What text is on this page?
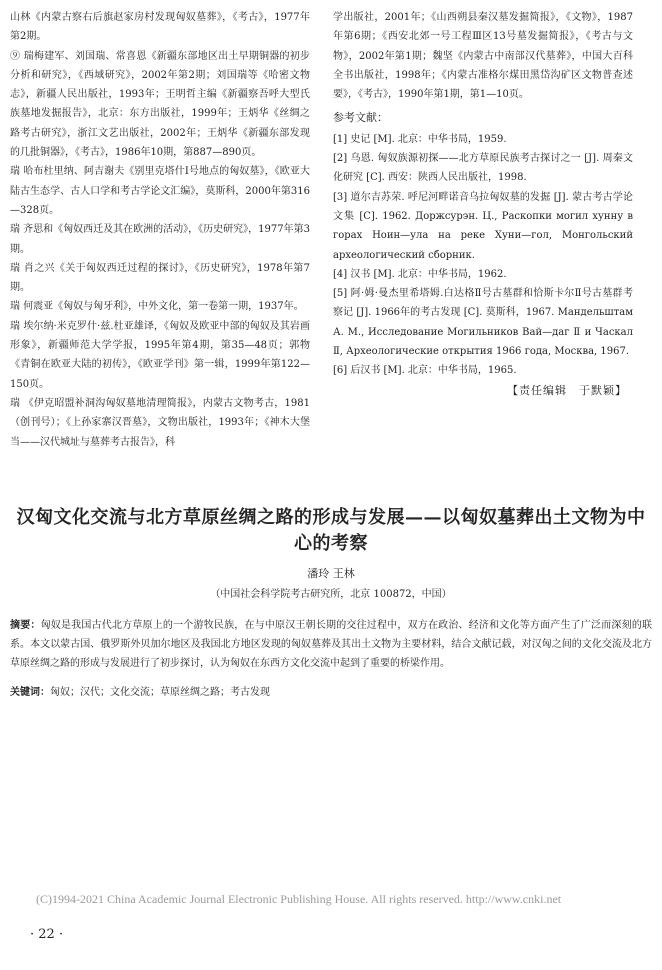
山林《内蒙古察右后旗赵家房村发现匈奴墓葬》，《考古》，1977年第2期。

⑨ 瑞梅建军、刘国瑞、常喜恩《新疆东部地区出土早期铜器的初步分析和研究》，《西域研究》，2002年第2期；刘国瑞等《哈密文物志》，新疆人民出版社，1993年；王明哲主编《新疆察吾呼大型氏族墓地发掘报告》，北京：东方出版社，1999年；王炳华《丝绸之路考古研究》，浙江文艺出版社，2002年；王炳华《新疆东部发现的几批铜器》，《考古》，1986年10期，第887—890页。

瑞 哈布杜里纳、阿吉谢夫《别里克塔什Ⅰ号地点的匈奴墓》，《欧亚大陆古生态学、古人口学和考古学论文汇编》，莫斯科，2000年第316—328页。

瑞 齐思和《匈奴西迁及其在欧洲的活动》，《历史研究》，1977年第3期。

瑞 肖之兴《关于匈奴西迁过程的探讨》，《历史研究》，1978年第7期。

瑞 何震亚《匈奴与匈牙利》，中外文化，第一卷第一期，1937年。

瑞 埃尔纳·米克罗什·兹.杜亚雄译，《匈奴及欧亚中部的匈奴及其岩画形象》，新疆师范大学学报，1995年第4期，第35—48页；郭物《青铜在欧亚大陆的初传》，《欧亚学刊》第一辑，1999年第122—150页。

瑞 《伊克昭盟补洞沟匈奴墓地清理简报》，内蒙古文物考古，1981（创刊号）；《上孙家寨汉晋墓》，文物出版社，1993年；《神木大堡当——汉代城址与墓葬考古报告》，科

学出版社，2001年；《山西朔县秦汉墓发掘简报》，《文物》，1987年第6期；《西安北郊一号工程Ⅲ区13号墓发掘简报》，《考古与文物》，2002年第1期；魏坚《内蒙古中南部汉代墓葬》，中国大百科全书出版社，1998年；《内蒙古准格尔煤田黑岱沟矿区文物普查述要》，《考古》，1990年第1期，第1—10页。

参考文献：

[1] 史记 [M]. 北京：中华书局，1959.

[2] 乌恩. 匈奴族源初探——北方草原民族考古探讨之一 [J]. 周秦文化研究 [C]. 西安：陕西人民出版社，1998.

[3] 道尔吉苏荣. 呼尼河畔诺音乌拉匈奴墓的发掘 [J]. 蒙古考古学论文集 [C]. 1962. Доржсурэн. Ц., Раскопки могил хунну в горах Ноин—ула на реке Хуни—гол, Монгольский археологический сборник.

[4] 汉书 [M]. 北京：中华书局，1962.

[5] 阿·姆·曼杰里希塔姆.白达格Ⅱ号古墓群和恰斯卡尔Ⅱ号古墓群考察记 [J]. 1966年的考古发现 [C]. 莫斯科，1967. Мандельштам А. М., Исследование Могильников Вай—даг Ⅱ и Часкал Ⅱ, Археологические открытия 1966 года, Москва, 1967.

[6] 后汉书 [M]. 北京：中华书局，1965.

【责任编辑　于默颖】

汉匈文化交流与北方草原丝绸之路的形成与发展——以匈奴墓葬出土文物为中心的考察
潘玲 王林
（中国社会科学院考古研究所，北京 100872，中国）
摘要：匈奴是我国古代北方草原上的一个游牧民族，在与中原汉王朝长期的交往过程中，双方在政治、经济和文化等方面产生了广泛而深刻的联系。本文以蒙古国、俄罗斯外贝加尔地区及我国北方地区发现的匈奴墓葬及其出土文物为主要材料，结合文献记载，对汉匈之间的文化交流及北方草原丝绸之路的形成与发展进行了初步探讨，认为匈奴在东西方文化交流中起到了重要的桥梁作用。
关键词：匈奴；汉代；文化交流；草原丝绸之路；考古发现
(C)1994-2021 China Academic Journal Electronic Publishing House. All rights reserved. http://www.cnki.net
· 22 ·
